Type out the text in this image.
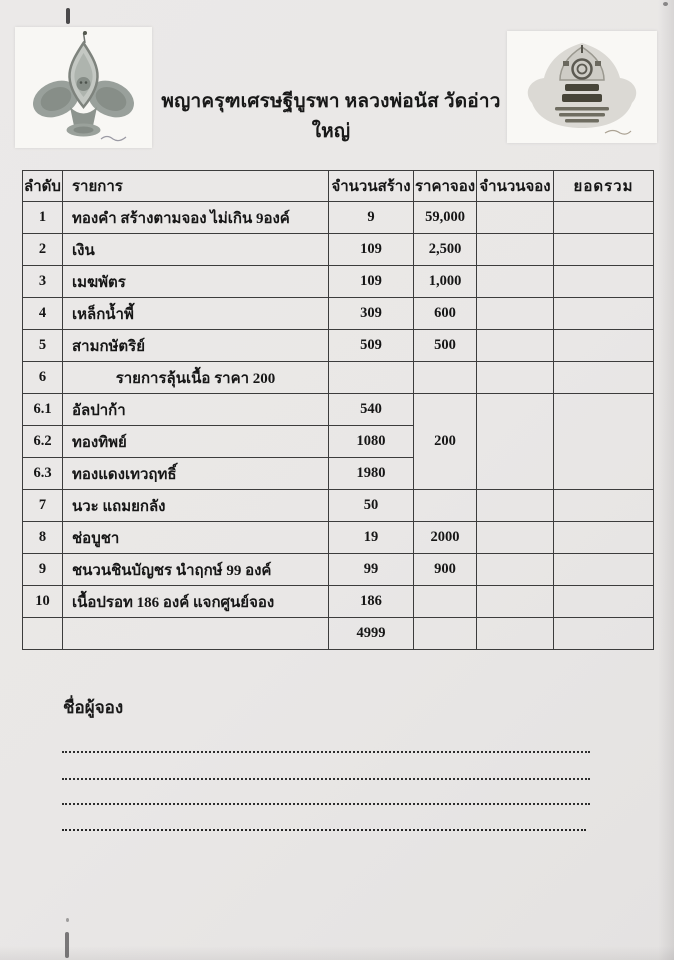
พญาครุฑเศรษฐีบูรพา หลวงพ่อนัส วัดอ่าวใหญ่
ลำดับ	รายการ	จำนวนสร้าง	ราคาจอง	จำนวนจอง	ยอดรวม
1	ทองคำ สร้างตามจอง ไม่เกิน 9องค์	9	59,000		
2	เงิน	109	2,500		
3	เมฆพัตร	109	1,000		
4	เหล็กน้ำพี้	309	600		
5	สามกษัตริย์	509	500		
6	รายการลุ้นเนื้อ ราคา 200				
6.1	อัลปาก้า	540	200		
6.2	ทองทิพย์	1080			
6.3	ทองแดงเทวฤทธิ์	1980			
7	นวะ แถมยกลัง	50			
8	ช่อบูชา	19	2000		
9	ชนวนชินบัญชร นำฤกษ์ 99 องค์	99	900		
10	เนื้อปรอท 186 องค์ แจกศูนย์จอง	186			
		4999			
ชื่อผู้จอง
